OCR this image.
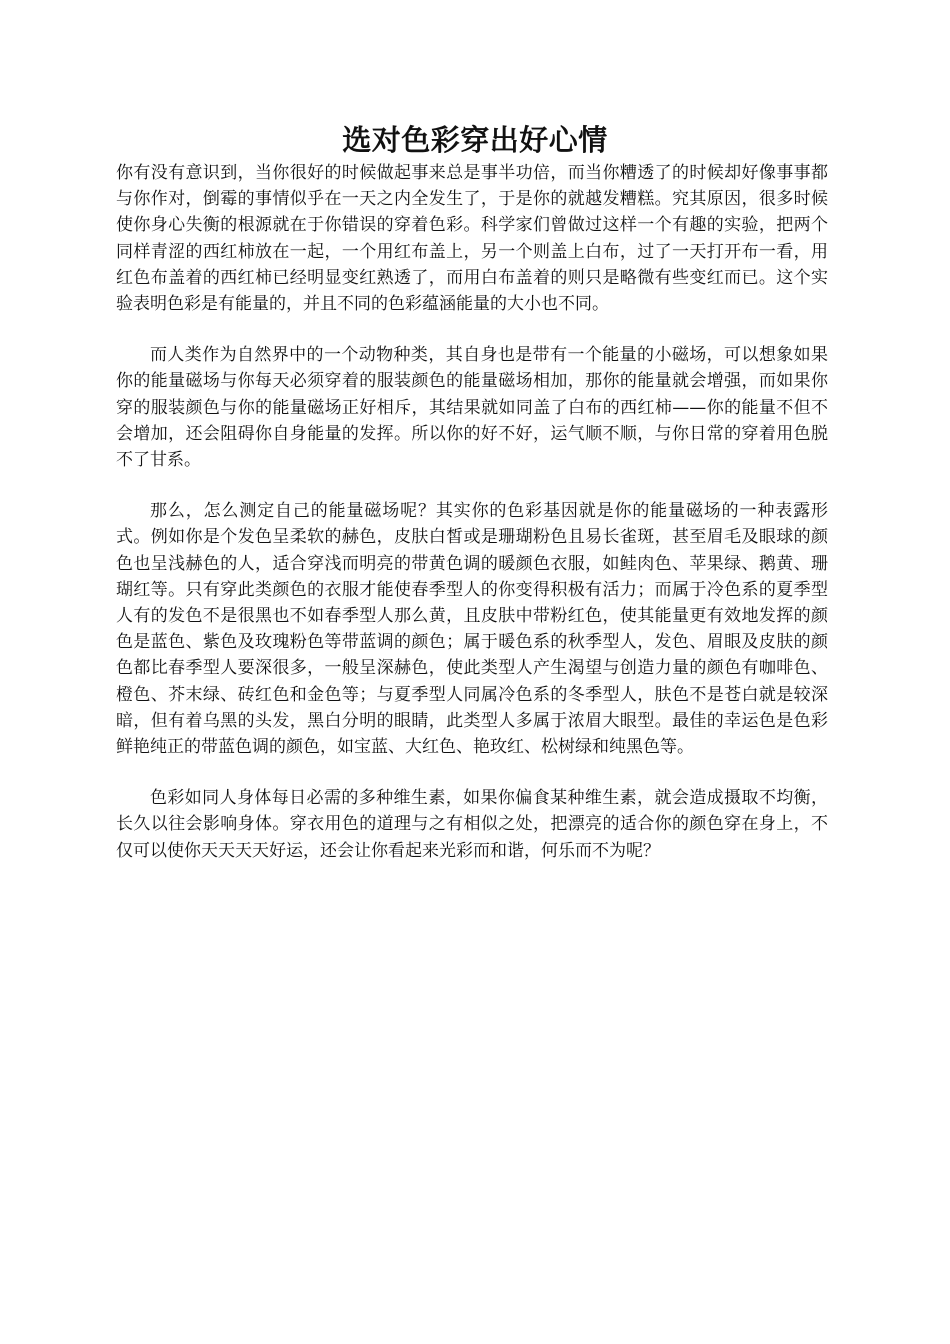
选对色彩穿出好心情

你有没有意识到，当你很好的时候做起事来总是事半功倍，而当你糟透了的时候却好像事事都与你作对，倒霉的事情似乎在一天之内全发生了，于是你的就越发糟糕。究其原因，很多时候使你身心失衡的根源就在于你错误的穿着色彩。科学家们曾做过这样一个有趣的实验，把两个同样青涩的西红柿放在一起，一个用红布盖上，另一个则盖上白布，过了一天打开布一看，用红色布盖着的西红柿已经明显变红熟透了，而用白布盖着的则只是略微有些变红而已。这个实验表明色彩是有能量的，并且不同的色彩蕴涵能量的大小也不同。

而人类作为自然界中的一个动物种类，其自身也是带有一个能量的小磁场，可以想象如果你的能量磁场与你每天必须穿着的服装颜色的能量磁场相加，那你的能量就会增强，而如果你穿的服装颜色与你的能量磁场正好相斥，其结果就如同盖了白布的西红柿——你的能量不但不会增加，还会阻碍你自身能量的发挥。所以你的好不好，运气顺不顺，与你日常的穿着用色脱不了甘系。

那么，怎么测定自己的能量磁场呢？其实你的色彩基因就是你的能量磁场的一种表露形式。例如你是个发色呈柔软的赫色，皮肤白皙或是珊瑚粉色且易长雀斑，甚至眉毛及眼球的颜色也呈浅赫色的人，适合穿浅而明亮的带黄色调的暖颜色衣服，如鲑肉色、苹果绿、鹅黄、珊瑚红等。只有穿此类颜色的衣服才能使春季型人的你变得积极有活力；而属于冷色系的夏季型人有的发色不是很黑也不如春季型人那么黄，且皮肤中带粉红色，使其能量更有效地发挥的颜色是蓝色、紫色及玫瑰粉色等带蓝调的颜色；属于暖色系的秋季型人，发色、眉眼及皮肤的颜色都比春季型人要深很多，一般呈深赫色，使此类型人产生渴望与创造力量的颜色有咖啡色、橙色、芥末绿、砖红色和金色等；与夏季型人同属冷色系的冬季型人，肤色不是苍白就是较深暗，但有着乌黑的头发，黑白分明的眼睛，此类型人多属于浓眉大眼型。最佳的幸运色是色彩鲜艳纯正的带蓝色调的颜色，如宝蓝、大红色、艳玫红、松树绿和纯黑色等。

色彩如同人身体每日必需的多种维生素，如果你偏食某种维生素，就会造成摄取不均衡，长久以往会影响身体。穿衣用色的道理与之有相似之处，把漂亮的适合你的颜色穿在身上，不仅可以使你天天天天好运，还会让你看起来光彩而和谐，何乐而不为呢？
